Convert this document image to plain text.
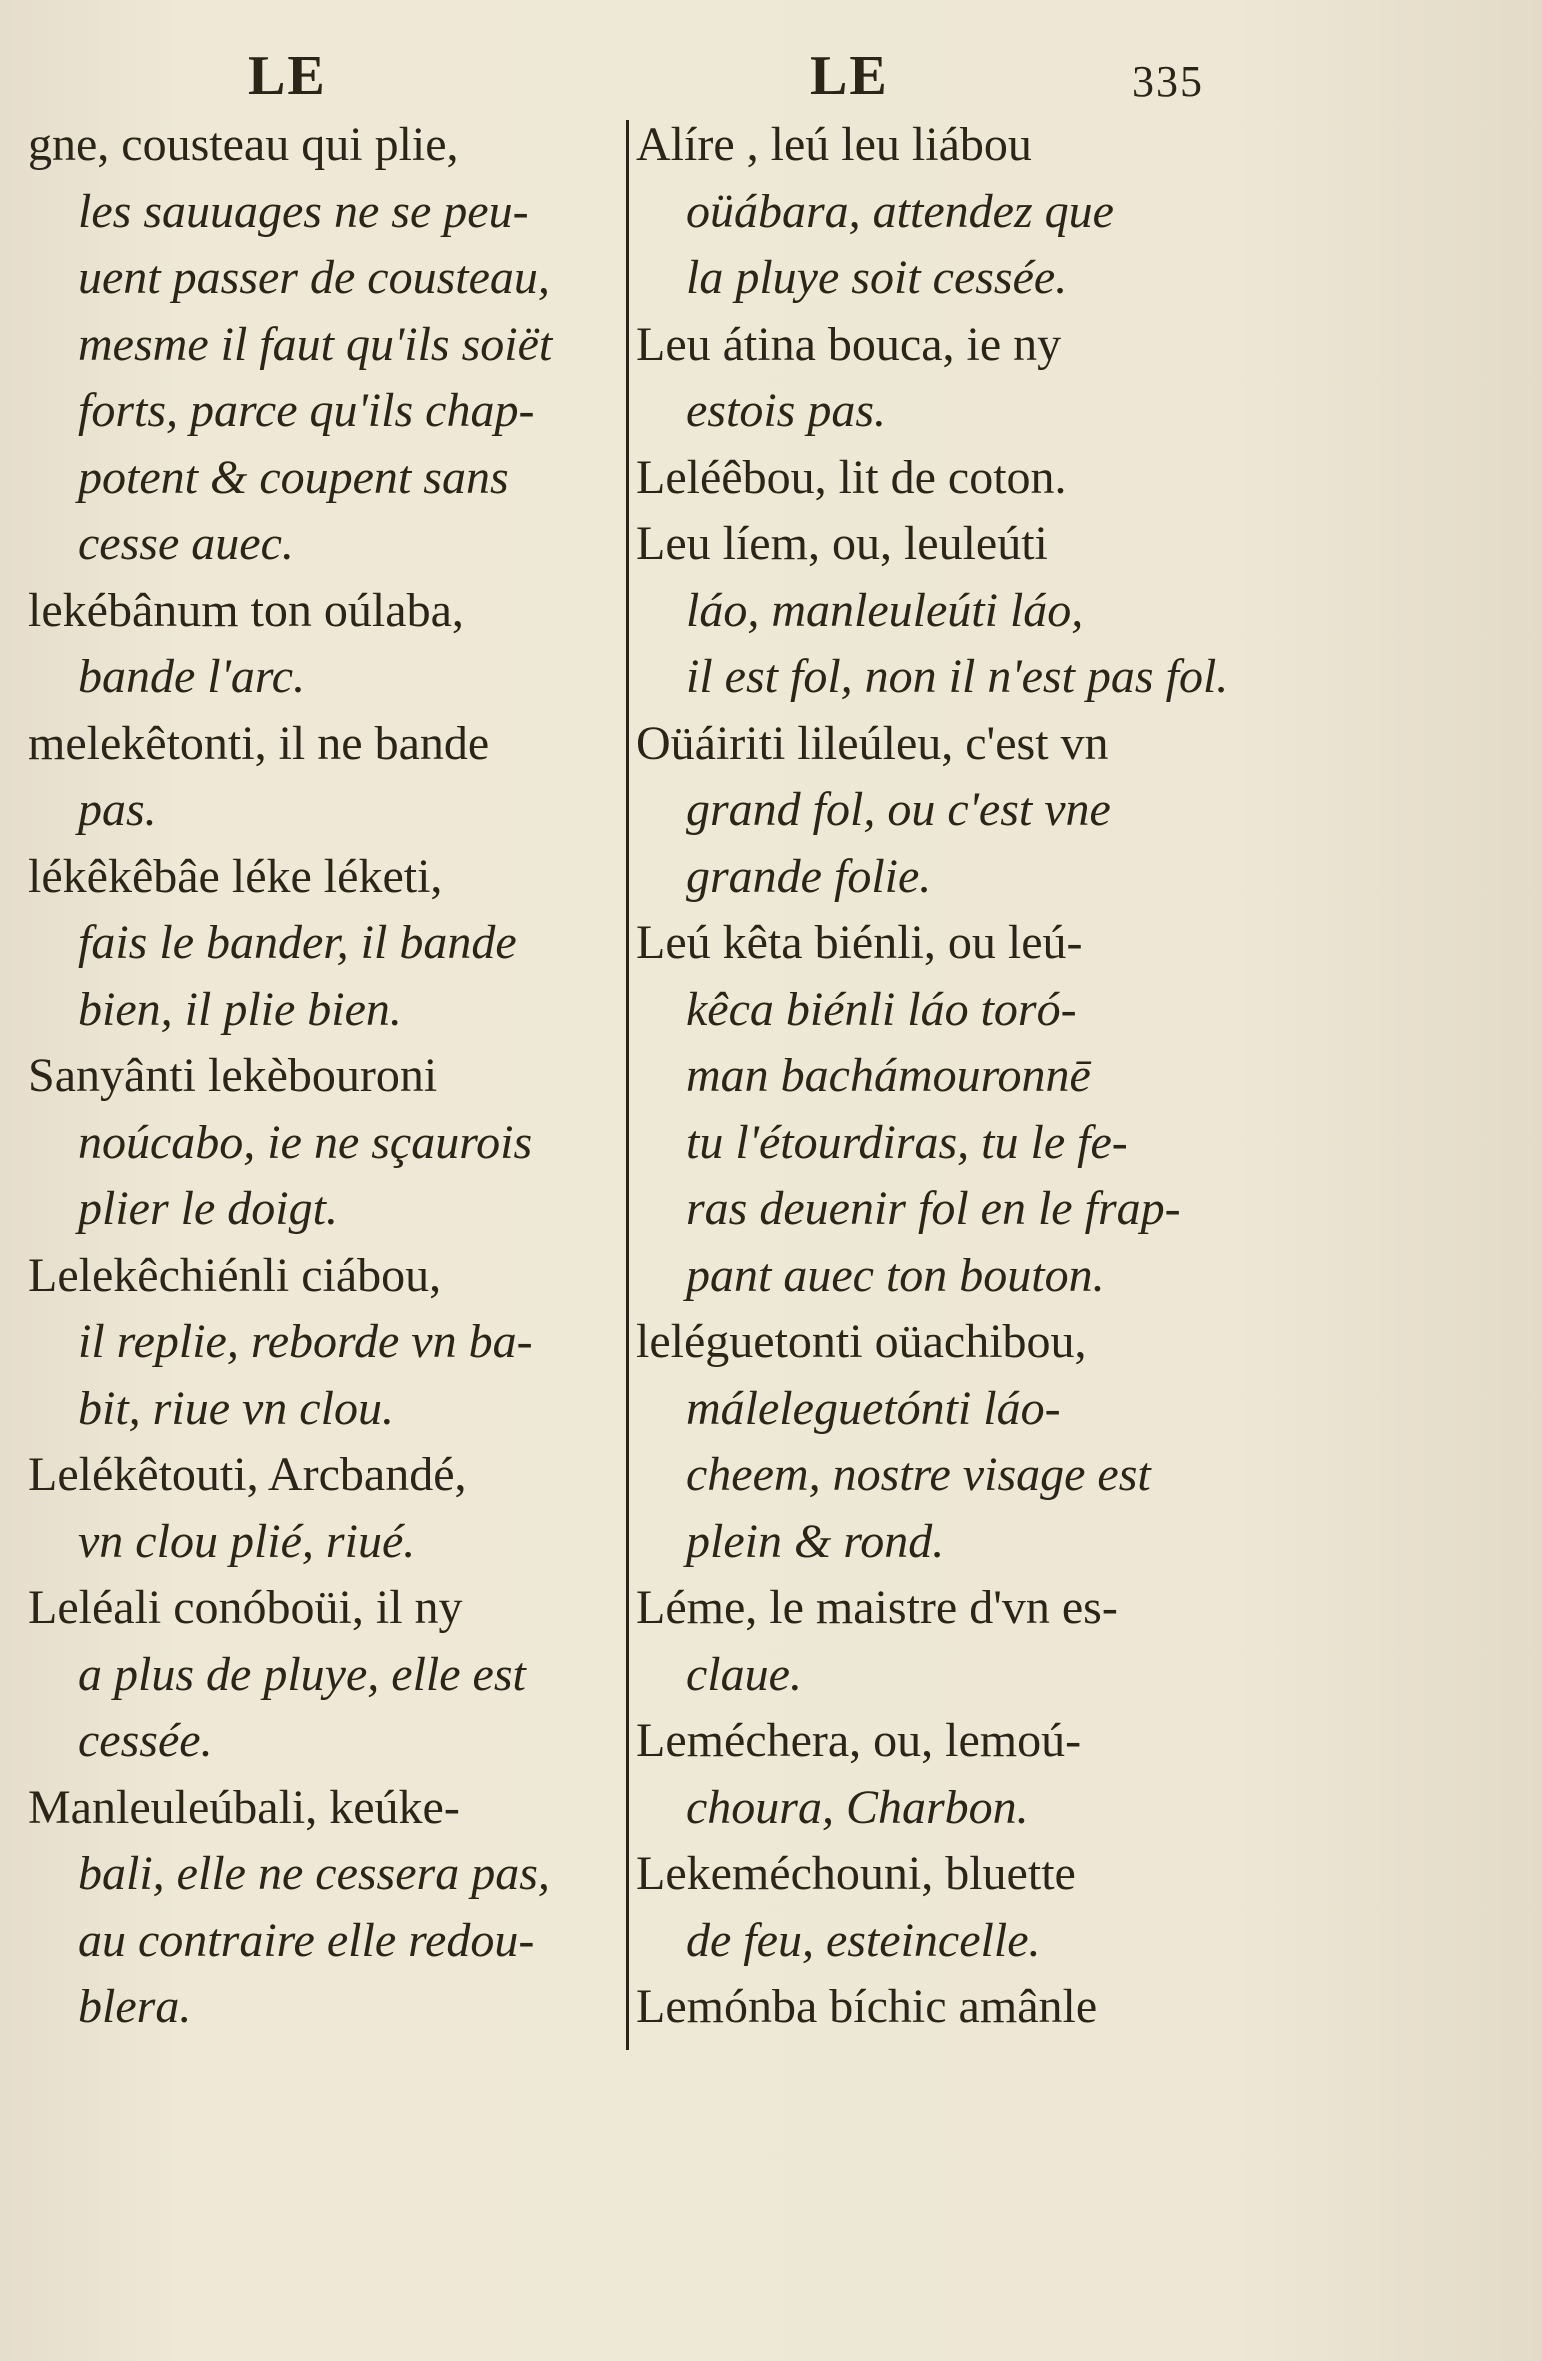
LE	LE	335
gne, cousteau qui plie,
les sauuages ne se peu-
uent passer de cousteau,
mesme il faut qu'ils soiët
forts, parce qu'ils chap-
potent & coupent sans
cesse auec.
lekébânum ton oúlaba,
bande l'arc.
melekêtonti, il ne bande
pas.
lékêkêbâe léke léketi,
fais le bander, il bande
bien, il plie bien.
Sanyânti lekèbouroni
noúcabo, ie ne sçaurois
plier le doigt.
Lelekêchiénli ciábou,
il replie, reborde vn ba-
bit, riue vn clou.
Lelékêtouti, Arcbandé,
vn clou plié, riué.
Leléali conóboüi, il ny
a plus de pluye, elle est
cessée.
Manleuleúbali, keúke-
bali, elle ne cessera pas,
au contraire elle redou-
blera.
Alíre , leú leu liábou
oüábara, attendez que
la pluye soit cessée.
Leu átina bouca, ie ny
estois pas.
Leléêbou, lit de coton.
Leu líem, ou, leuleúti
láo, manleuleúti láo,
il est fol, non il n'est pas fol.
Oüáiriti lileúleu, c'est vn
grand fol, ou c'est vne
grande folie.
Leú kêta biénli, ou leú-
kêca biénli láo toró-
man bachámouronnē
tu l'étourdiras, tu le fe-
ras deuenir fol en le frap-
pant auec ton bouton.
leléguetonti oüachibou,
máleleguetónti láo-
cheem, nostre visage est
plein & rond.
Léme, le maistre d'vn es-
claue.
Leméchera, ou, lemoú-
choura, Charbon.
Lekeméchouni, bluette
de feu, esteincelle.
Lemónba bíchic amânle
